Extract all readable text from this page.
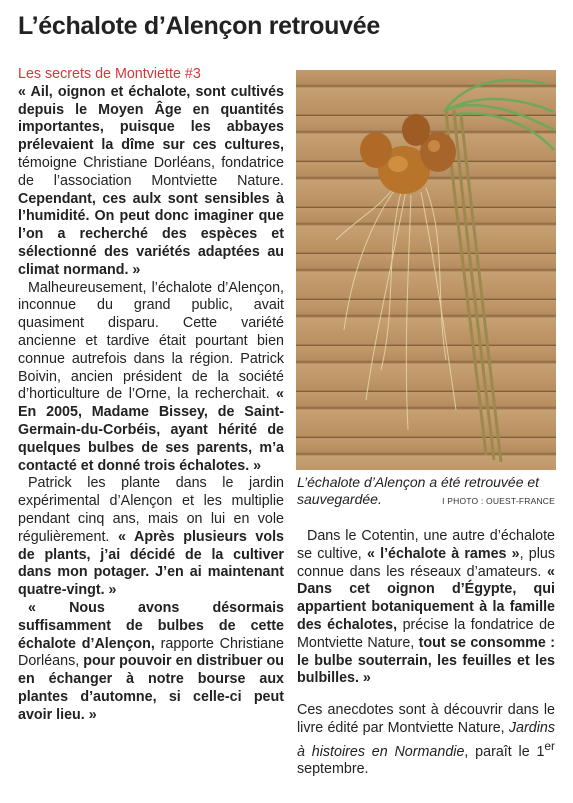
L’échalote d’Alençon retrouvée
Les secrets de Montviette #3

« Ail, oignon et échalote, sont cultivés depuis le Moyen Âge en quantités importantes, puisque les abbayes prélevaient la dîme sur ces cultures, témoigne Christiane Dorléans, fondatrice de l’association Montviette Nature. Cependant, ces aulx sont sensibles à l’humidité. On peut donc imaginer que l’on a recherché des espèces et sélectionné des variétés adaptées au climat normand. »

Malheureusement, l’échalote d’Alençon, inconnue du grand public, avait quasiment disparu. Cette variété ancienne et tardive était pourtant bien connue autrefois dans la région. Patrick Boivin, ancien président de la société d’horticulture de l’Orne, la recherchait. « En 2005, Madame Bissey, de Saint-Germain-du-Corbéis, ayant hérité de quelques bulbes de ses parents, m’a contacté et donné trois échalotes. »

Patrick les plante dans le jardin expérimental d’Alençon et les multiplie pendant cinq ans, mais on lui en vole régulièrement. « Après plusieurs vols de plants, j’ai décidé de la cultiver dans mon potager. J’en ai maintenant quatre-vingt. »

« Nous avons désormais suffisamment de bulbes de cette échalote d’Alençon, rapporte Christiane Dorléans, pour pouvoir en distribuer ou en échanger à notre bourse aux plantes d’automne, si celle-ci peut avoir lieu. »

L’échalote d’Alençon a été retrouvée et sauvegardée.	I PHOTO : OUEST-FRANCE

Dans le Cotentin, une autre d’échalote se cultive, « l’échalote à rames », plus connue dans les réseaux d’amateurs. « Dans cet oignon d’Égypte, qui appartient botaniquement à la famille des échalotes, précise la fondatrice de Montviette Nature, tout se consomme : le bulbe souterrain, les feuilles et les bulbilles. »

Ces anecdotes sont à découvrir dans le livre édité par Montviette Nature, Jardins à histoires en Normandie, paraît le 1er septembre.
